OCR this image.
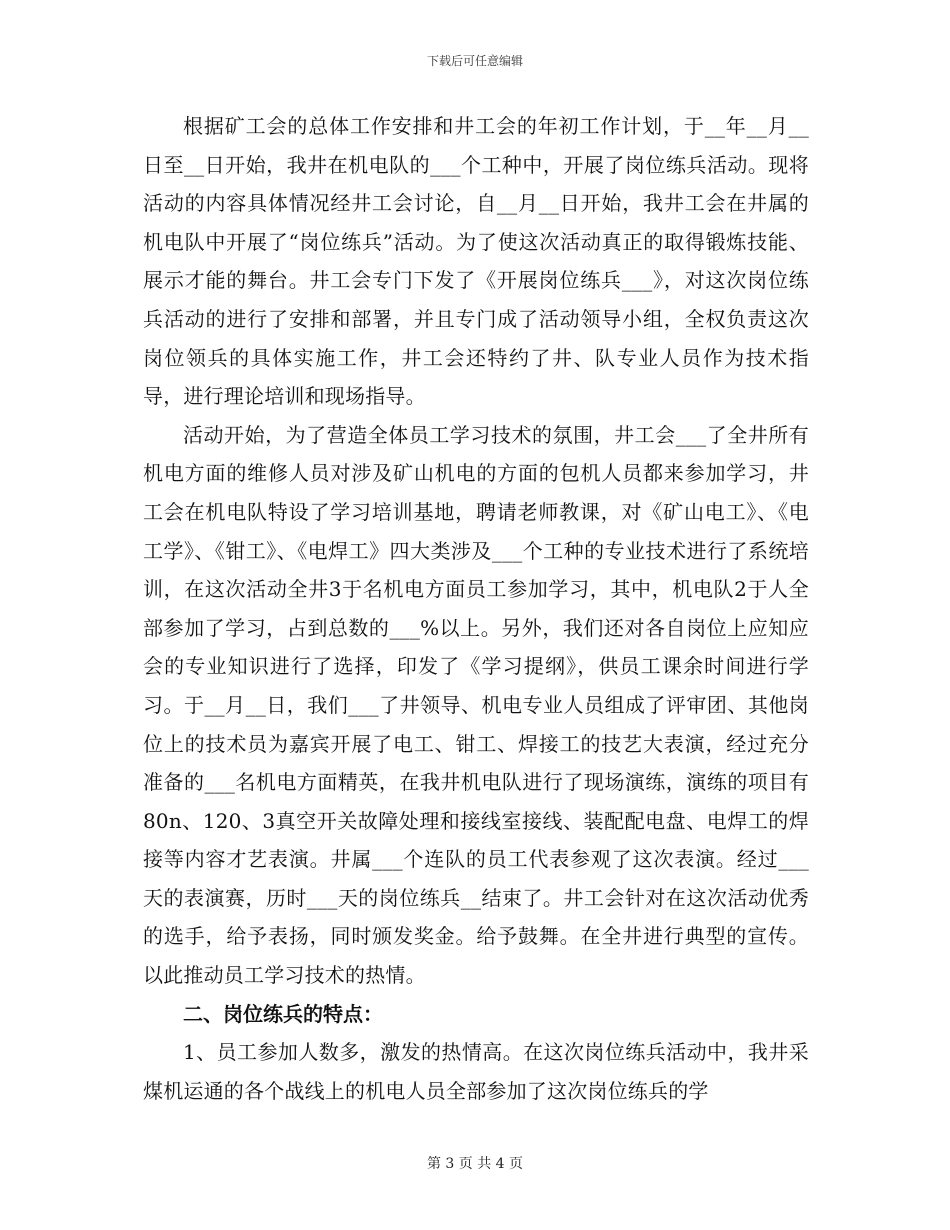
下载后可任意编辑

根据矿工会的总体工作安排和井工会的年初工作计划，于__年__月__日至__日开始，我井在机电队的___个工种中，开展了岗位练兵活动。现将活动的内容具体情况经井工会讨论，自__月__日开始，我井工会在井属的机电队中开展了“岗位练兵”活动。为了使这次活动真正的取得锻炼技能、展示才能的舞台。井工会专门下发了《开展岗位练兵___》，对这次岗位练兵活动的进行了安排和部署，并且专门成了活动领导小组，全权负责这次岗位领兵的具体实施工作，井工会还特约了井、队专业人员作为技术指导，进行理论培训和现场指导。

活动开始，为了营造全体员工学习技术的氛围，井工会___了全井所有机电方面的维修人员对涉及矿山机电的方面的包机人员都来参加学习，井工会在机电队特设了学习培训基地，聘请老师教课，对《矿山电工》、《电工学》、《钳工》、《电焊工》四大类涉及___个工种的专业技术进行了系统培训，在这次活动全井3于名机电方面员工参加学习，其中，机电队2于人全部参加了学习，占到总数的___%以上。另外，我们还对各自岗位上应知应会的专业知识进行了选择，印发了《学习提纲》，供员工课余时间进行学习。于__月__日，我们___了井领导、机电专业人员组成了评审团、其他岗位上的技术员为嘉宾开展了电工、钳工、焊接工的技艺大表演，经过充分准备的___名机电方面精英，在我井机电队进行了现场演练，演练的项目有80n、120、3真空开关故障处理和接线室接线、装配配电盘、电焊工的焊接等内容才艺表演。井属___个连队的员工代表参观了这次表演。经过___天的表演赛，历时___天的岗位练兵__结束了。井工会针对在这次活动优秀的选手，给予表扬，同时颁发奖金。给予鼓舞。在全井进行典型的宣传。以此推动员工学习技术的热情。

二、岗位练兵的特点：

1、员工参加人数多，激发的热情高。在这次岗位练兵活动中，我井采煤机运通的各个战线上的机电人员全部参加了这次岗位练兵的学

第 3 页 共 4 页
